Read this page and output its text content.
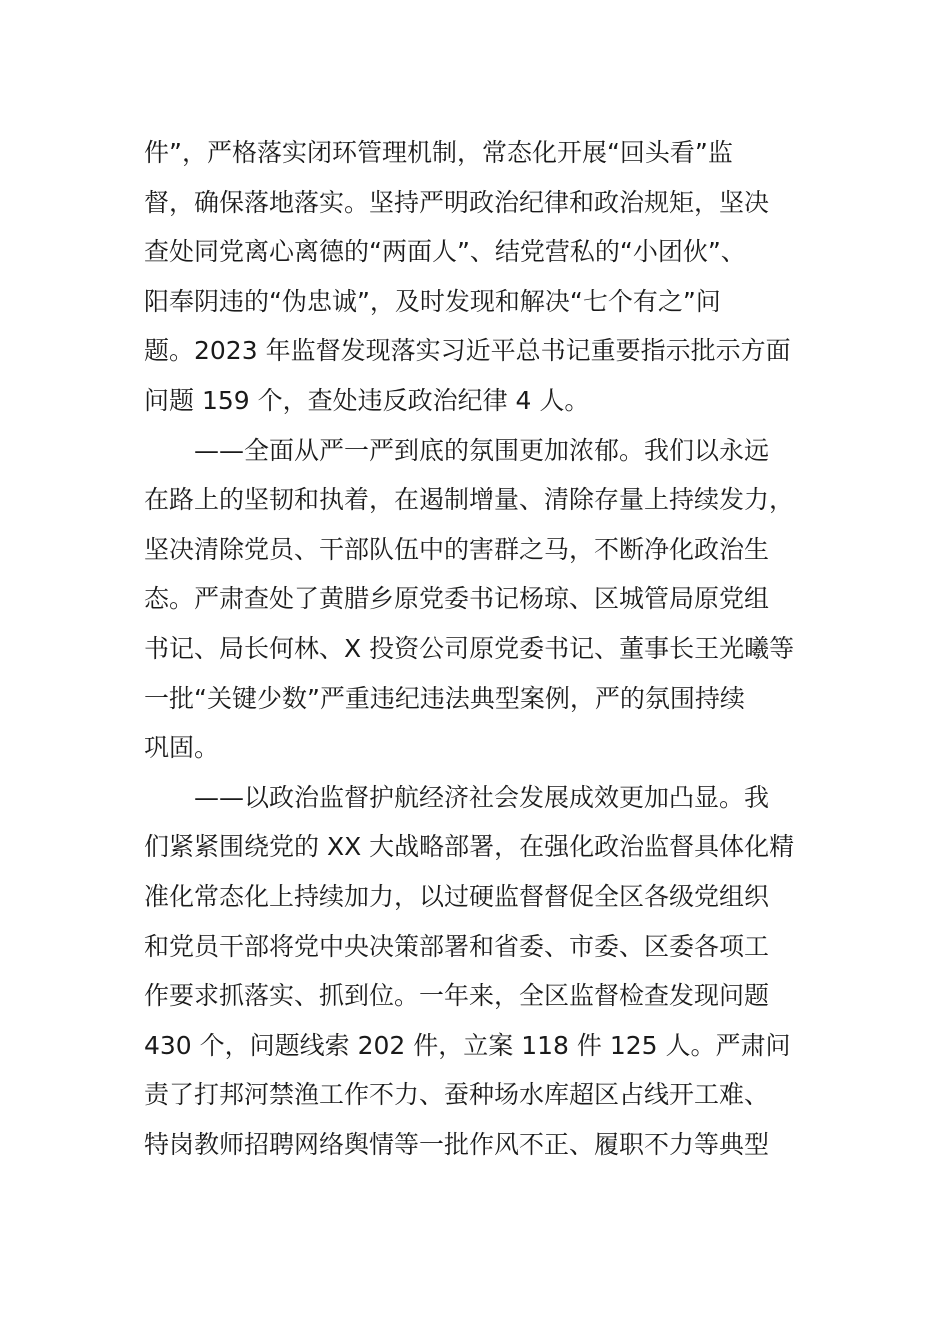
件”，严格落实闭环管理机制，常态化开展“回头看”监
督，确保落地落实。坚持严明政治纪律和政治规矩，坚决
查处同党离心离德的“两面人”、结党营私的“小团伙”、
阳奉阴违的“伪忠诚”，及时发现和解决“七个有之”问
题。2023 年监督发现落实习近平总书记重要指示批示方面
问题 159 个，查处违反政治纪律 4 人。
——全面从严一严到底的氛围更加浓郁。我们以永远
在路上的坚韧和执着，在遏制增量、清除存量上持续发力，
坚决清除党员、干部队伍中的害群之马，不断净化政治生
态。严肃查处了黄腊乡原党委书记杨琼、区城管局原党组
书记、局长何林、X 投资公司原党委书记、董事长王光曦等
一批“关键少数”严重违纪违法典型案例，严的氛围持续
巩固。
——以政治监督护航经济社会发展成效更加凸显。我
们紧紧围绕党的 XX 大战略部署，在强化政治监督具体化精
准化常态化上持续加力，以过硬监督督促全区各级党组织
和党员干部将党中央决策部署和省委、市委、区委各项工
作要求抓落实、抓到位。一年来，全区监督检查发现问题
430 个，问题线索 202 件，立案 118 件 125 人。严肃问
责了打邦河禁渔工作不力、蚕种场水库超区占线开工难、
特岗教师招聘网络舆情等一批作风不正、履职不力等典型
